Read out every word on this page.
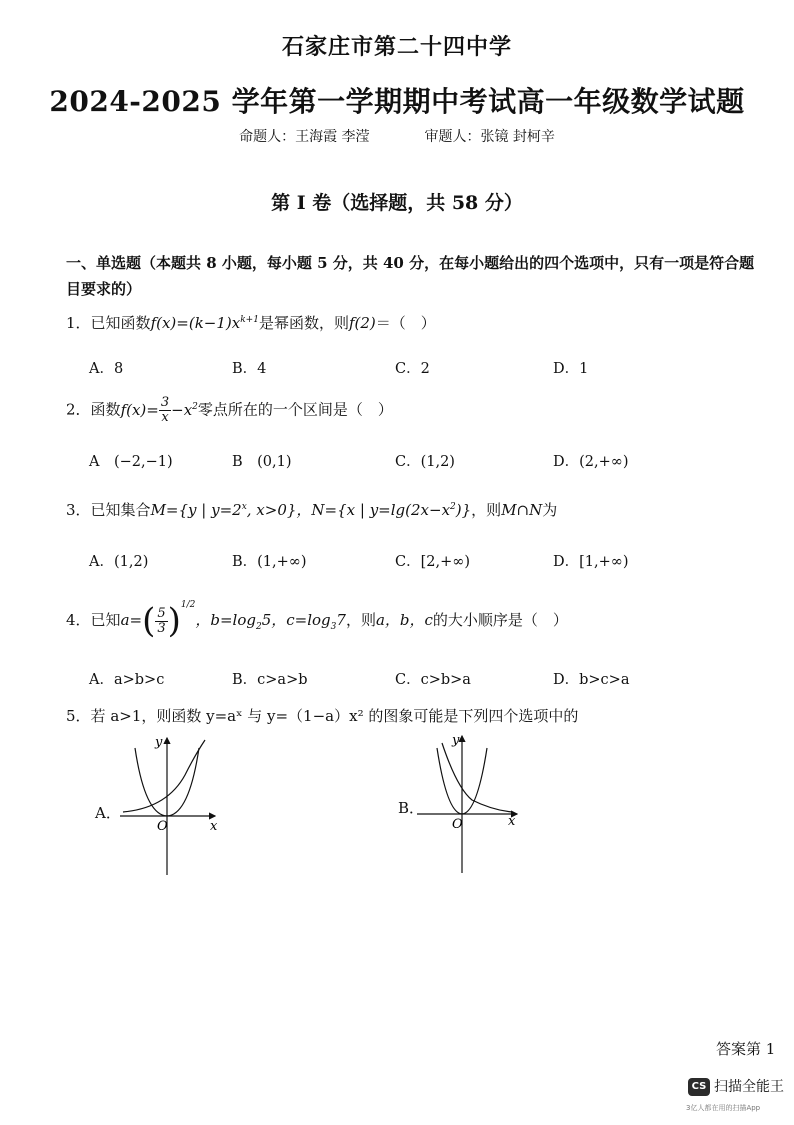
石家庄市第二十四中学
2024-2025 学年第一学期期中考试高一年级数学试题
命题人：王海霞 李滢	审题人：张镜 封柯辛
第 I 卷（选择题，共 58 分）
一、单选题（本题共 8 小题，每小题 5 分，共 40 分，在每小题给出的四个选项中，只有一项是符合题目要求的）
1．已知函数$f(x)=(k-1)x^{k+1}$是幂函数，则f(2)＝（　）
A．8	B．4	C．2	D．1
2．函数$f(x)= \frac{3}{x} -x^2$零点所在的一个区间是（　）
A　(−2,−1)	B　(0,1)	C．(1,2)	D．(2,+∞)
3．已知集合M={y | $y=2^x$, x>0}，N={x | $y=\lg(2x-x^2)$}，则M∩N为
A．(1,2)	B．(1,+∞)	C．[2,+∞)	D．[1,+∞)
4．已知$a=( \frac{5}{3} )^{1/2}$，$b=\log_25$，$c=\log_37$，则a，b，c的大小顺序是（　）
A．a>b>c	B．c>a>b	C．c>b>a	D．b>c>a
5．若 a>1，则函数 y=aˣ 与 y=（1−a）x² 的图象可能是下列四个选项中的
A．
O	x
y
B．
O	x
y
答案第 1
CS 扫描全能王
3亿人都在用的扫描App
